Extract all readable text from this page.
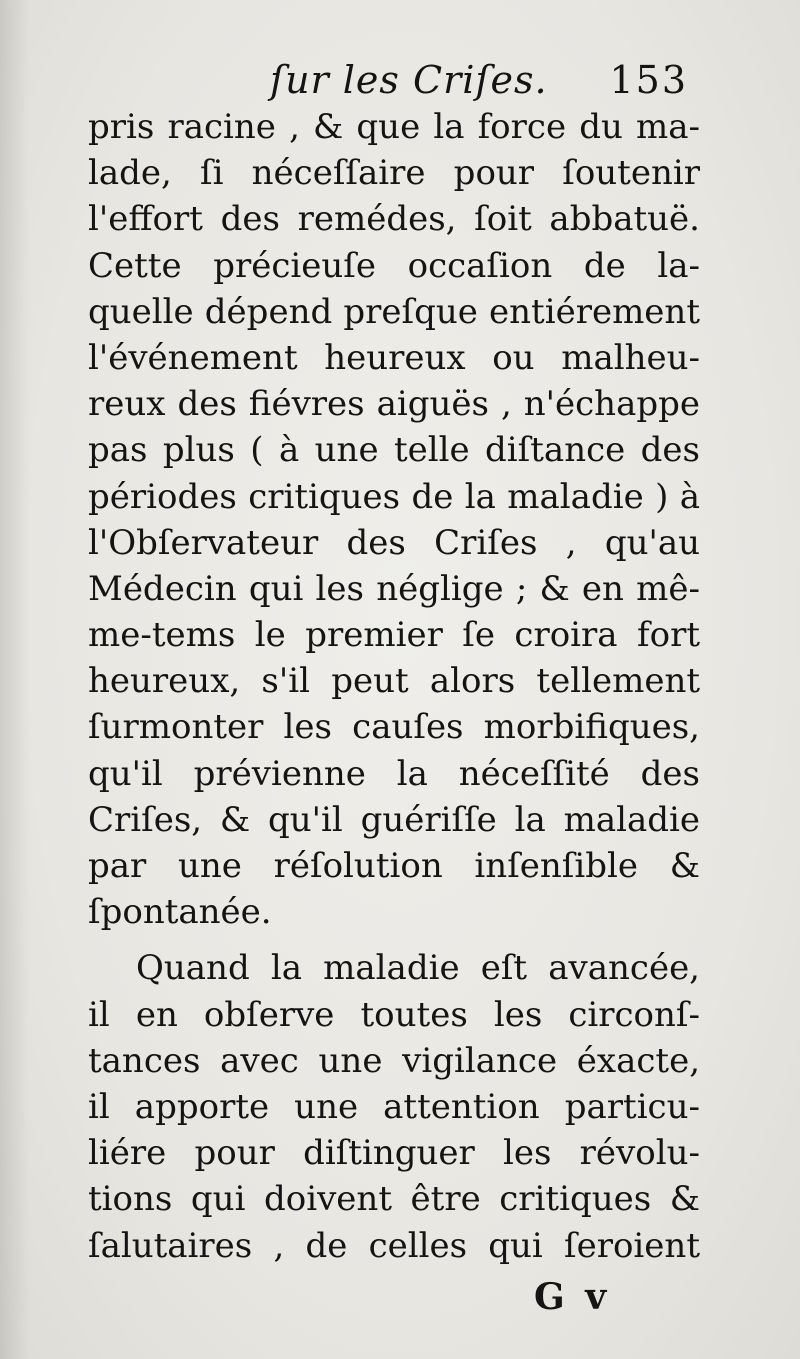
ſur les Criſes. 153
pris racine , & que la force du ma-
lade, ſi néceſſaire pour ſoutenir
l'effort des remédes, ſoit abbatuë.
Cette précieuſe occaſion de la-
quelle dépend preſque entiérement
l'événement heureux ou malheu-
reux des fiévres aiguës , n'échappe
pas plus ( à une telle diſtance des
périodes critiques de la maladie ) à
l'Obſervateur des Criſes , qu'au
Médecin qui les néglige ; & en mê-
me-tems le premier ſe croira fort
heureux, s'il peut alors tellement
ſurmonter les cauſes morbifiques,
qu'il prévienne la néceſſité des
Criſes, & qu'il guériſſe la maladie
par une réſolution inſenſible &
ſpontanée.
Quand la maladie eſt avancée,
il en obſerve toutes les circonſ-
tances avec une vigilance éxacte,
il apporte une attention particu-
liére pour diſtinguer les révolu-
tions qui doivent être critiques &
ſalutaires , de celles qui ſeroient
G v
